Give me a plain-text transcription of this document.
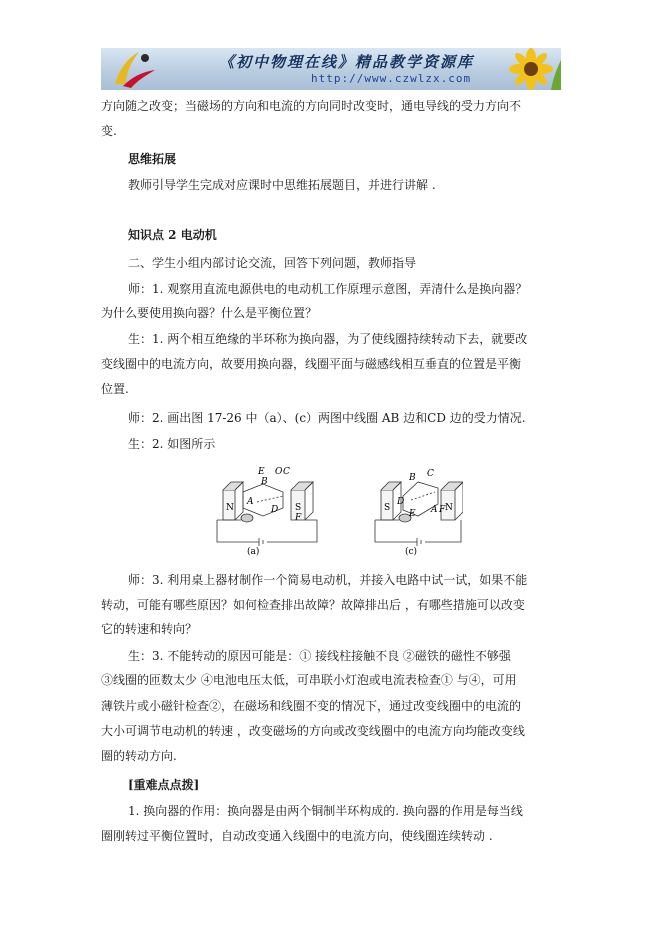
《初中物理在线》精品教学资源库
http://www.czwlzx.com
方向随之改变；当磁场的方向和电流的方向同时改变时，通电导线的受力方向不
变.
思维拓展
教师引导学生完成对应课时中思维拓展题目，并进行讲解 .
知识点 2 电动机
二、学生小组内部讨论交流，回答下列问题，教师指导
师：1. 观察用直流电源供电的电动机工作原理示意图，弄清什么是换向器？
为什么要使用换向器？什么是平衡位置？
生：1. 两个相互绝缘的半环称为换向器，为了使线圈持续转动下去，就要改
变线圈中的电流方向，故要用换向器，线圈平面与磁感线相互垂直的位置是平衡
位置.
师：2. 画出图 17-26 中（a）、(c）两图中线圈 AB 边和CD 边的受力情况.
生：2. 如图所示
N	S
E
B
O C
A
D
F
(a)
S	N
B C
D
A F
E
(c)
师：3. 利用桌上器材制作一个简易电动机，并接入电路中试一试，如果不能
转动，可能有哪些原因？如何检查排出故障？故障排出后 ，有哪些措施可以改变
它的转速和转向？
生：3. 不能转动的原因可能是：① 接线柱接触不良 ②磁铁的磁性不够强
③线圈的匝数太少 ④电池电压太低，可串联小灯泡或电流表检查① 与④，可用
薄铁片或小磁针检查②，在磁场和线圈不变的情况下，通过改变线圈中的电流的
大小可调节电动机的转速 ，改变磁场的方向或改变线圈中的电流方向均能改变线
圈的转动方向.
[重难点点拨]
1. 换向器的作用：换向器是由两个铜制半环构成的. 换向器的作用是每当线
圈刚转过平衡位置时，自动改变通入线圈中的电流方向，使线圈连续转动 .
